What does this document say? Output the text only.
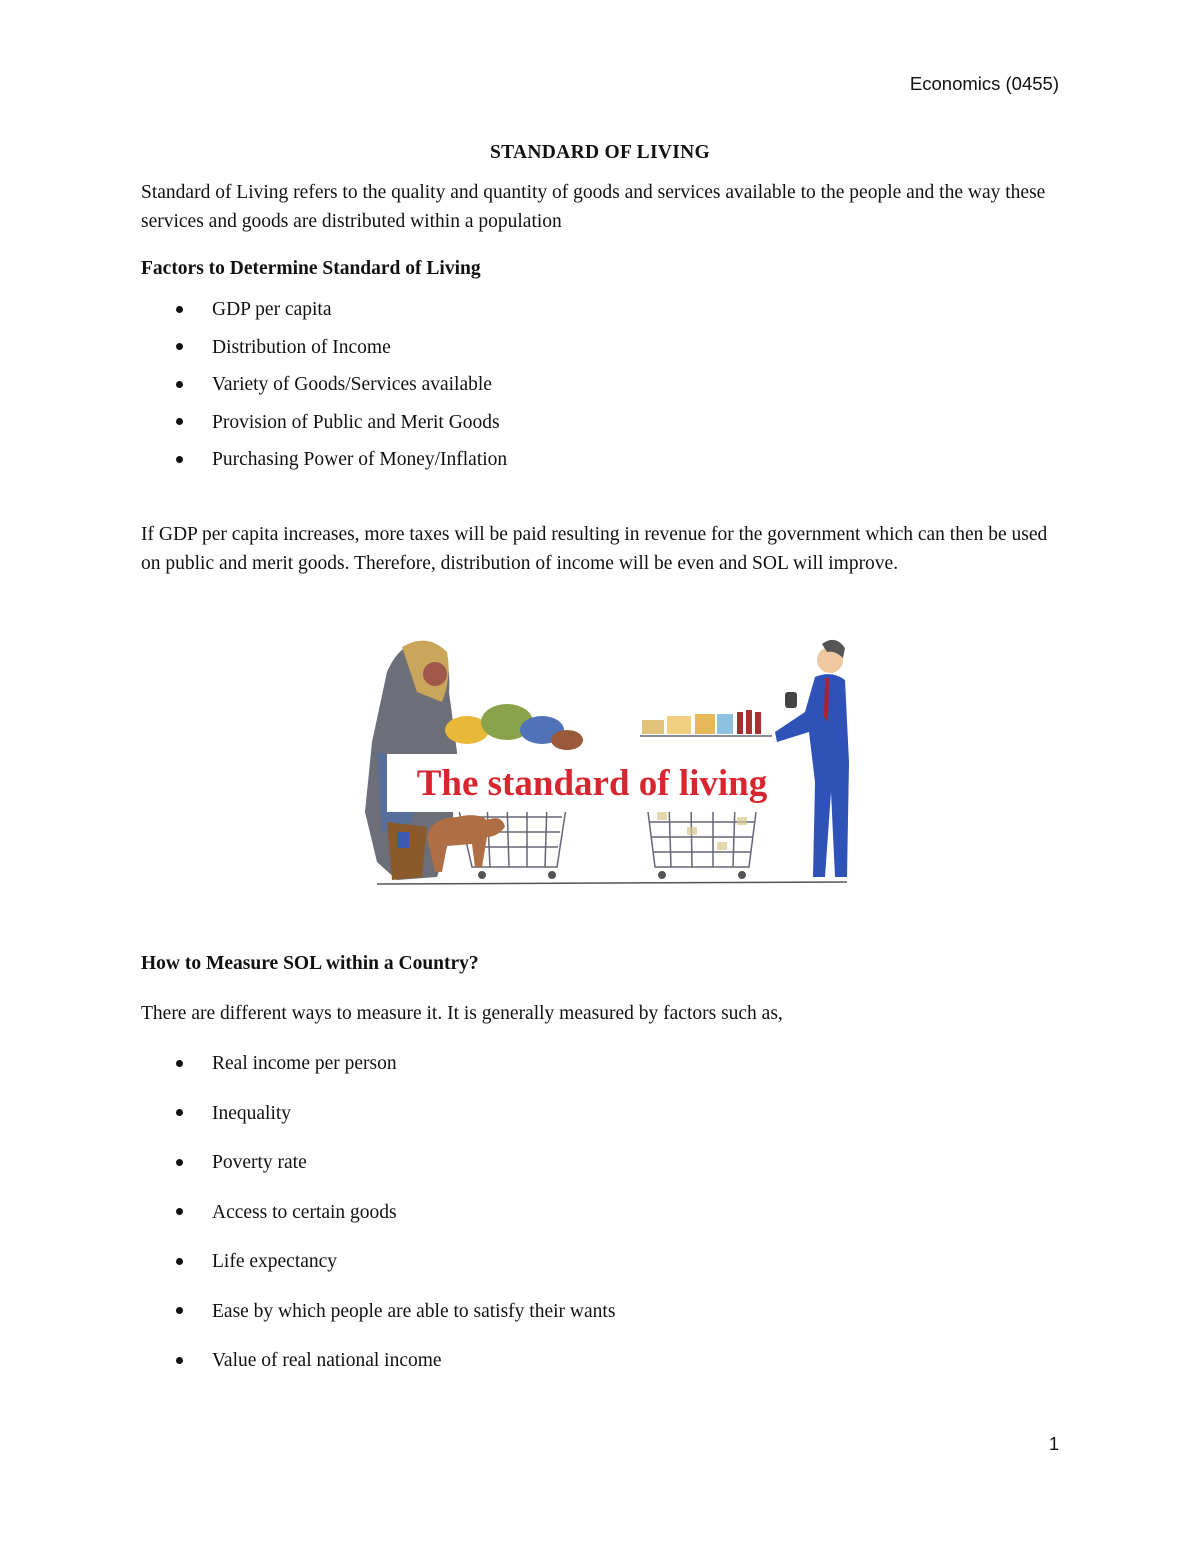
Economics (0455)
STANDARD OF LIVING
Standard of Living refers to the quality and quantity of goods and services available to the people and the way these services and goods are distributed within a population
Factors to Determine Standard of Living
GDP per capita
Distribution of Income
Variety of Goods/Services available
Provision of Public and Merit Goods
Purchasing Power of Money/Inflation
If GDP per capita increases, more taxes will be paid resulting in revenue for the government which can then be used on public and merit goods. Therefore, distribution of income will be even and SOL will improve.
The standard of living
How to Measure SOL within a Country?
There are different ways to measure it. It is generally measured by factors such as,
Real income per person
Inequality
Poverty rate
Access to certain goods
Life expectancy
Ease by which people are able to satisfy their wants
Value of real national income
1
